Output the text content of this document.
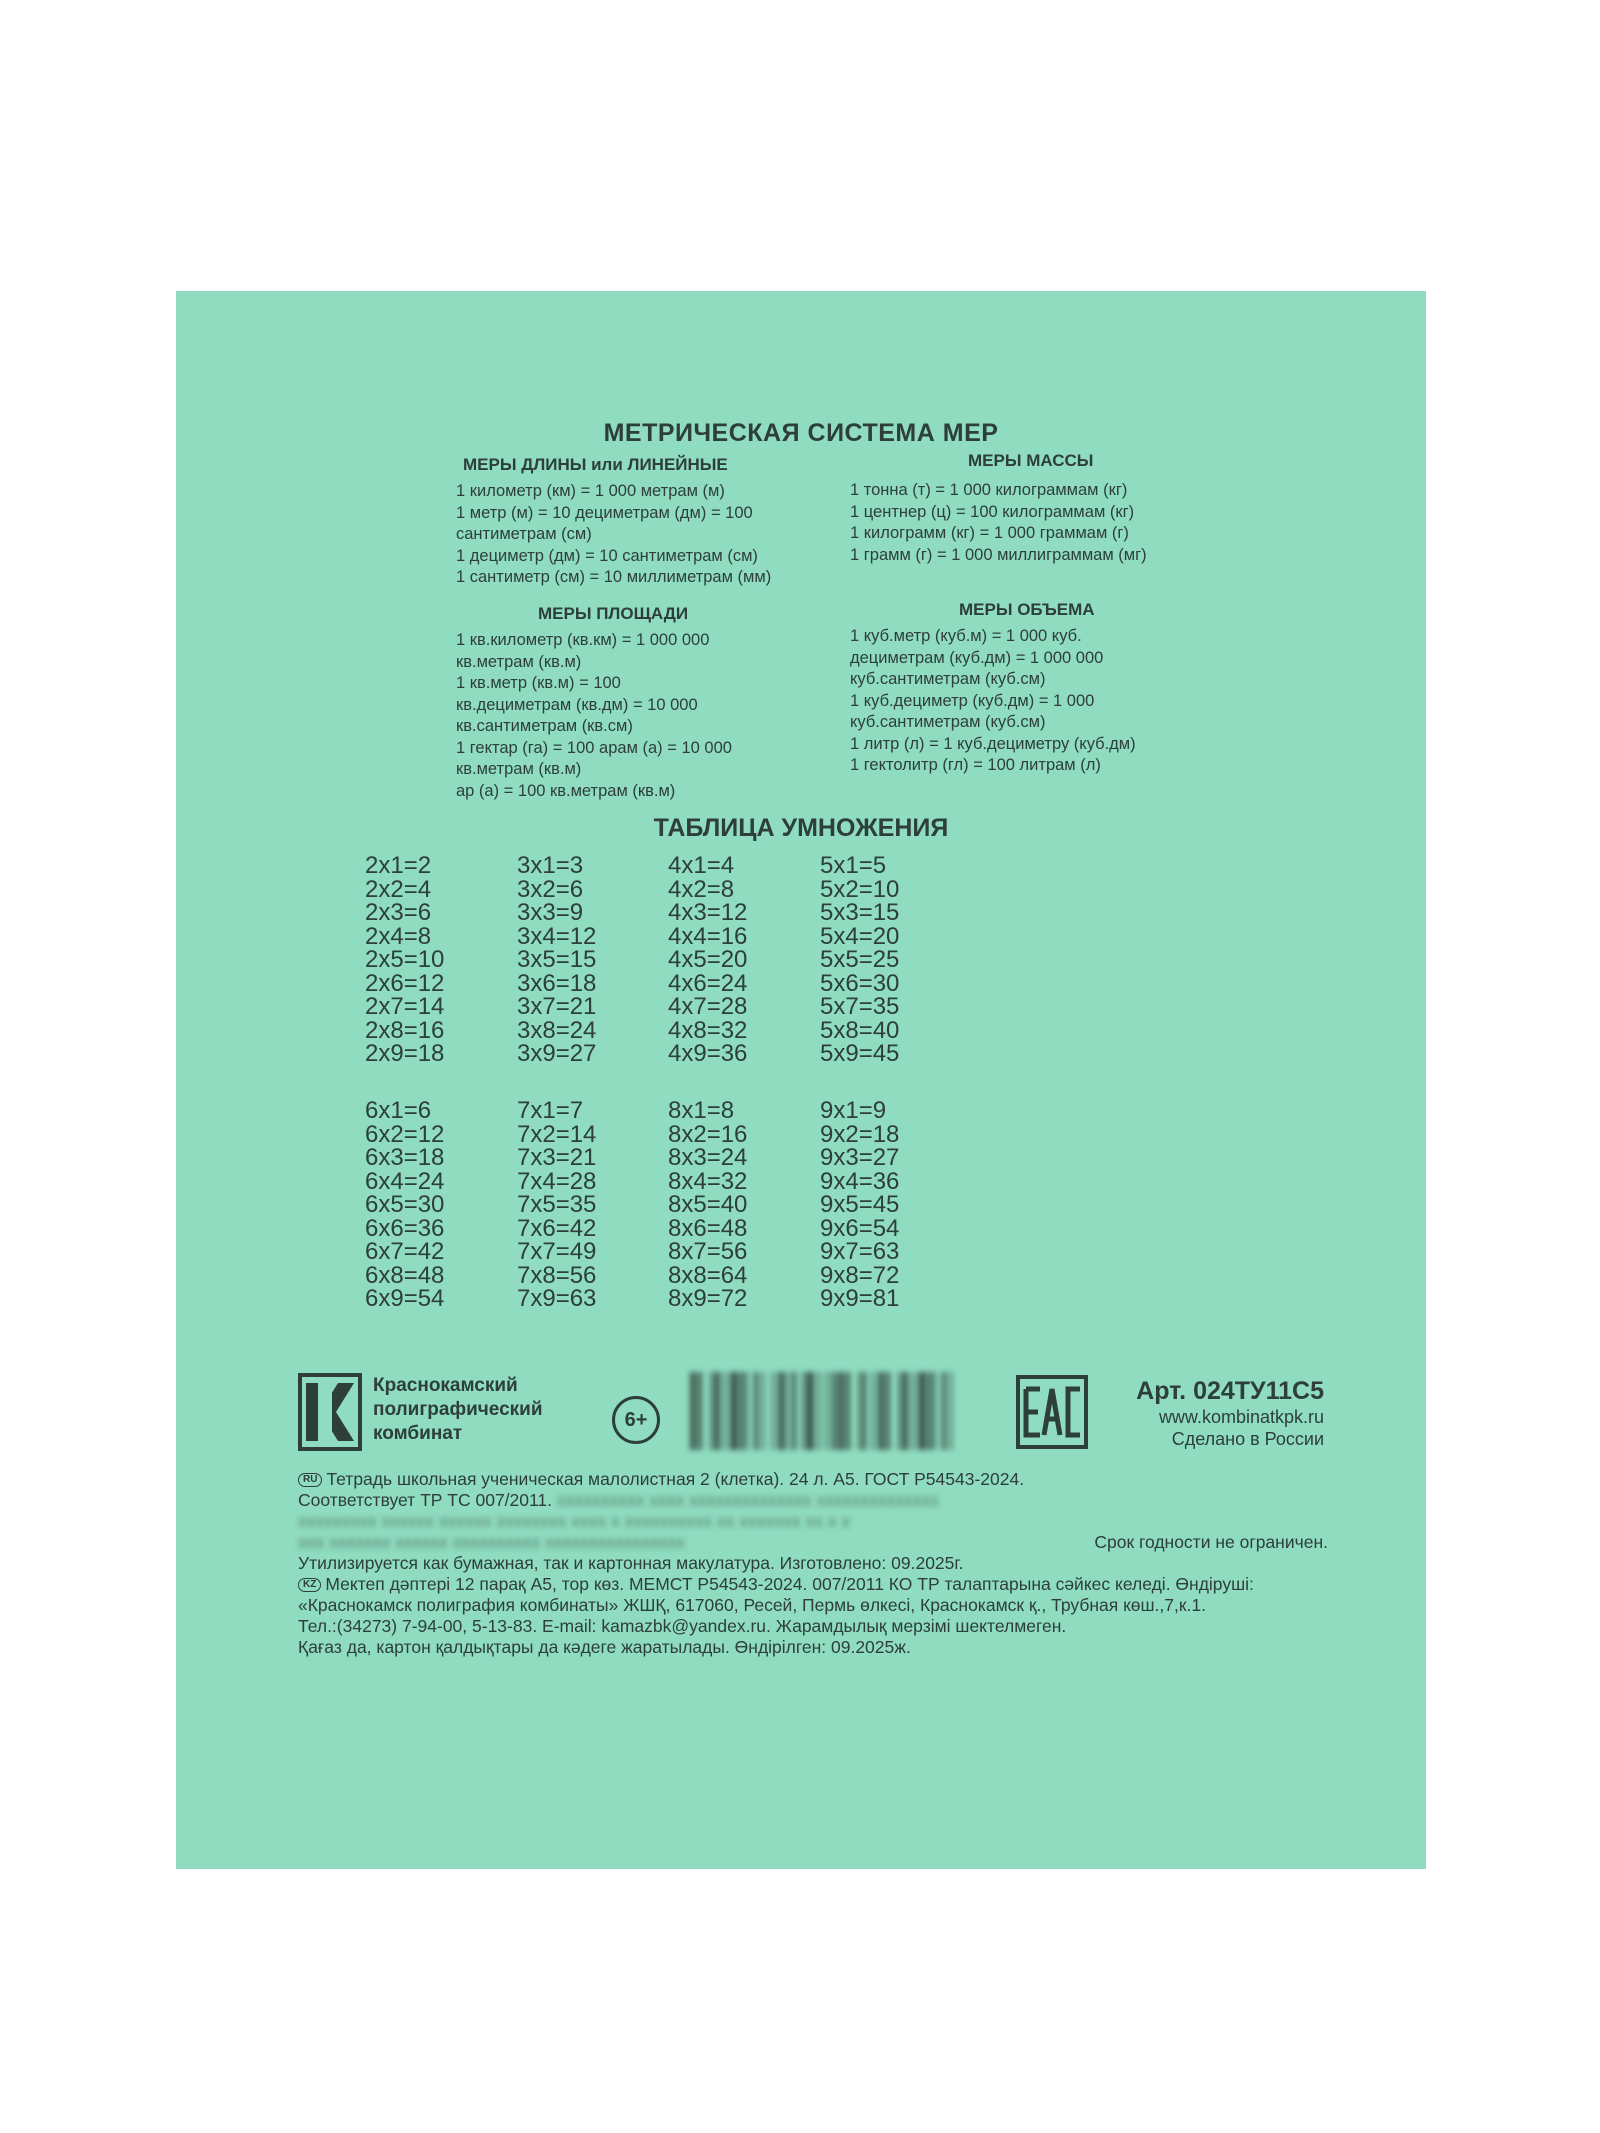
МЕТРИЧЕСКАЯ СИСТЕМА МЕР
МЕРЫ ДЛИНЫ или ЛИНЕЙНЫЕ
1 километр (км) = 1 000 метрам (м)
1 метр (м) = 10 дециметрам (дм) = 100
сантиметрам (см)
1 дециметр (дм) = 10 сантиметрам (см)
1 сантиметр (см) = 10 миллиметрам (мм)
МЕРЫ МАССЫ
1 тонна (т) = 1 000 килограммам (кг)
1 центнер (ц) = 100 килограммам (кг)
1 килограмм (кг) = 1 000 граммам (г)
1 грамм (г) = 1 000 миллиграммам (мг)
МЕРЫ ПЛОЩАДИ
1 кв.километр (кв.км) = 1 000 000
кв.метрам (кв.м)
1 кв.метр (кв.м) = 100
кв.дециметрам (кв.дм) = 10 000
кв.сантиметрам (кв.см)
1 гектар (га) = 100 арам (а) = 10 000
кв.метрам (кв.м)
ар (а) = 100 кв.метрам (кв.м)
МЕРЫ ОБЪЕМА
1 куб.метр (куб.м) = 1 000 куб.
дециметрам (куб.дм) = 1 000 000
куб.сантиметрам (куб.см)
1 куб.дециметр (куб.дм) = 1 000
куб.сантиметрам (куб.см)
1 литр (л) = 1 куб.дециметру (куб.дм)
1 гектолитр (гл) = 100 литрам (л)
ТАБЛИЦА УМНОЖЕНИЯ
2x1=2
2x2=4
2x3=6
2x4=8
2x5=10
2x6=12
2x7=14
2x8=16
2x9=18
3x1=3
3x2=6
3x3=9
3x4=12
3x5=15
3x6=18
3x7=21
3x8=24
3x9=27
4x1=4
4x2=8
4x3=12
4x4=16
4x5=20
4x6=24
4x7=28
4x8=32
4x9=36
5x1=5
5x2=10
5x3=15
5x4=20
5x5=25
5x6=30
5x7=35
5x8=40
5x9=45
6x1=6
6x2=12
6x3=18
6x4=24
6x5=30
6x6=36
6x7=42
6x8=48
6x9=54
7x1=7
7x2=14
7x3=21
7x4=28
7x5=35
7x6=42
7x7=49
7x8=56
7x9=63
8x1=8
8x2=16
8x3=24
8x4=32
8x5=40
8x6=48
8x7=56
8x8=64
8x9=72
9x1=9
9x2=18
9x3=27
9x4=36
9x5=45
9x6=54
9x7=63
9x8=72
9x9=81
Краснокамский
полиграфический
комбинат
6+
Арт. 024ТУ11С5
www.kombinatkpk.ru
Сделано в России
RU Тетрадь школьная ученическая малолистная 2 (клетка). 24 л. А5. ГОСТ Р54543-2024.
Соответствует ТР ТС 007/2011. xxxxxxxxxx xxxx xxxxxxxxxxxxxx xxxxxxxxxxxxxx
xxxxxxxxx xxxxxx xxxxxx xxxxxxxx xxxx x xxxxxxxxxx xx xxxxxxx xx x x
xxx xxxxxxx xxxxxx xxxxxxxxxx xxxxxxxxxxxxxxxx	Срок годности не ограничен.
Утилизируется как бумажная, так и картонная макулатура. Изготовлено: 09.2025г.
KZ Мектеп дәптері 12 парақ А5, тор көз. МЕМСТ Р54543-2024. 007/2011 КО ТР талаптарына сәйкес келеді. Өндіруші:
«Краснокамск полиграфия комбинаты» ЖШҚ, 617060, Ресей, Пермь өлкесі, Краснокамск қ., Трубная көш.,7,к.1.
Тел.:(34273) 7-94-00, 5-13-83. E-mail: kamazbk@yandex.ru. Жарамдылық мерзімі шектелмеген.
Қағаз да, картон қалдықтары да кәдеге жаратылады. Өндірілген: 09.2025ж.
